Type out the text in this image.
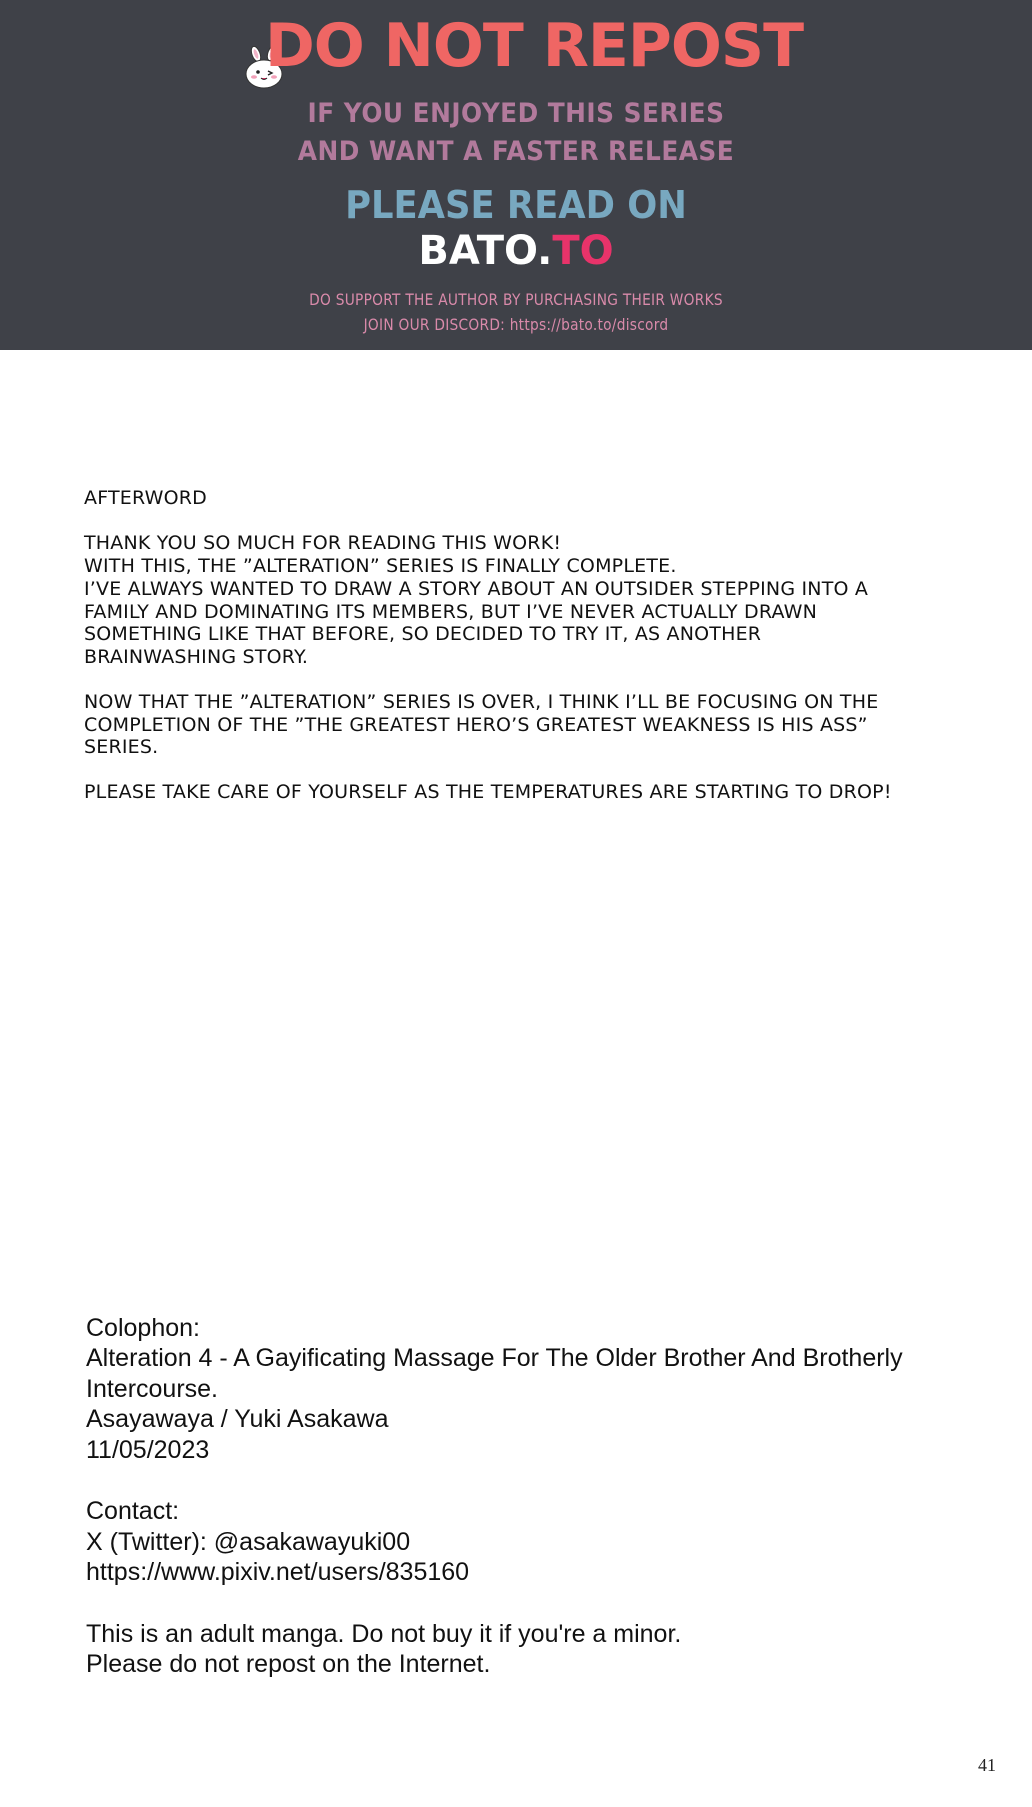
DO NOT REPOST
IF YOU ENJOYED THIS SERIES
AND WANT A FASTER RELEASE
PLEASE READ ON
BATO.TO
DO SUPPORT THE AUTHOR BY PURCHASING THEIR WORKS
JOIN OUR DISCORD: https://bato.to/discord
AFTERWORD
THANK YOU SO MUCH FOR READING THIS WORK!
WITH THIS, THE ”ALTERATION” SERIES IS FINALLY COMPLETE.
I’VE ALWAYS WANTED TO DRAW A STORY ABOUT AN OUTSIDER STEPPING INTO A
FAMILY AND DOMINATING ITS MEMBERS, BUT I’VE NEVER ACTUALLY DRAWN
SOMETHING LIKE THAT BEFORE, SO DECIDED TO TRY IT, AS ANOTHER
BRAINWASHING STORY.
NOW THAT THE ”ALTERATION” SERIES IS OVER, I THINK I’LL BE FOCUSING ON THE
COMPLETION OF THE ”THE GREATEST HERO’S GREATEST WEAKNESS IS HIS ASS”
SERIES.
PLEASE TAKE CARE OF YOURSELF AS THE TEMPERATURES ARE STARTING TO DROP!
Colophon:
Alteration 4 - A Gayificating Massage For The Older Brother And Brotherly
Intercourse.
Asayawaya / Yuki Asakawa
11/05/2023
Contact:
X (Twitter): @asakawayuki00
https://www.pixiv.net/users/835160
This is an adult manga. Do not buy it if you're a minor.
Please do not repost on the Internet.
41
